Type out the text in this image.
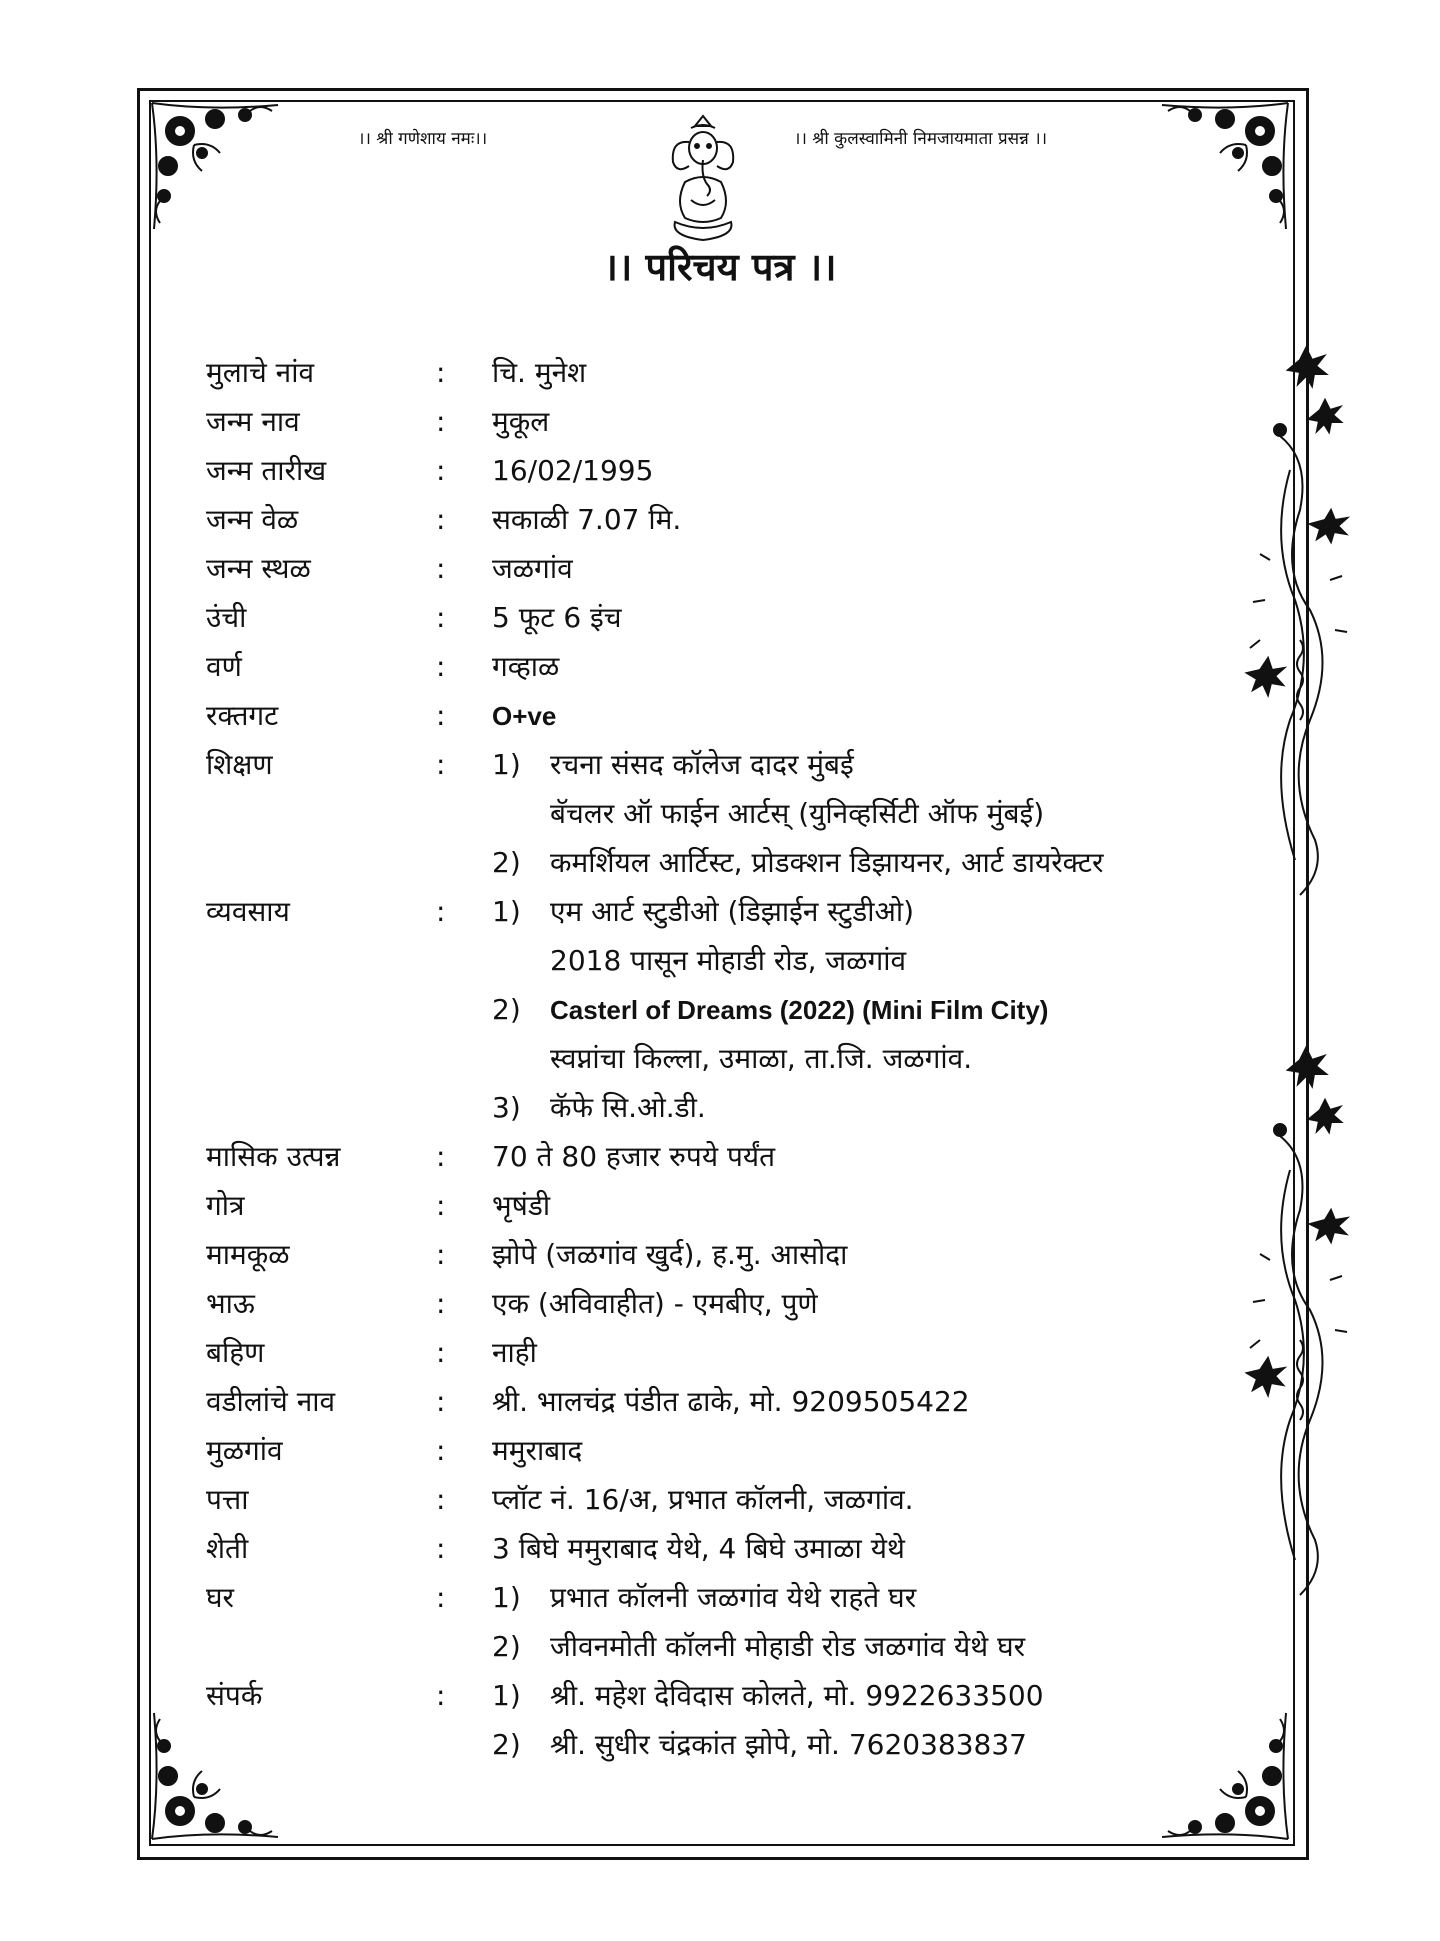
।। श्री गणेशाय नमः।।	।। श्री कुलस्वामिनी निमजायमाता प्रसन्न ।।
।। परिचय पत्र ।।
मुलाचे नांव	: चि. मुनेश
जन्म नाव	: मुकूल
जन्म तारीख	: 16/02/1995
जन्म वेळ	: सकाळी 7.07 मि.
जन्म स्थळ	: जळगांव
उंची	: 5 फूट 6 इंच
वर्ण	: गव्हाळ
रक्तगट	: O+ve
शिक्षण	: 1) रचना संसद कॉलेज दादर मुंबई
बॅचलर ऑ फाईन आर्टस् (युनिव्हर्सिटी ऑफ मुंबई)
2) कमर्शियल आर्टिस्ट, प्रोडक्शन डिझायनर, आर्ट डायरेक्टर
व्यवसाय	: 1) एम आर्ट स्टुडीओ (डिझाईन स्टुडीओ)
2018 पासून मोहाडी रोड, जळगांव
2) Casterl of Dreams (2022) (Mini Film City)
स्वप्नांचा किल्ला, उमाळा, ता.जि. जळगांव.
3) कॅफे सि.ओ.डी.
मासिक उत्पन्न	: 70 ते 80 हजार रुपये पर्यंत
गोत्र	: भृषंडी
मामकूळ	: झोपे (जळगांव खुर्द), ह.मु. आसोदा
भाऊ	: एक (अविवाहीत) - एमबीए, पुणे
बहिण	: नाही
वडीलांचे नाव	: श्री. भालचंद्र पंडीत ढाके, मो. 9209505422
मुळगांव	: ममुराबाद
पत्ता	: प्लॉट नं. 16/अ, प्रभात कॉलनी, जळगांव.
शेती	: 3 बिघे ममुराबाद येथे, 4 बिघे उमाळा येथे
घर	: 1) प्रभात कॉलनी जळगांव येथे राहते घर
2) जीवनमोती कॉलनी मोहाडी रोड जळगांव येथे घर
संपर्क	: 1) श्री. महेश देविदास कोलते, मो. 9922633500
2) श्री. सुधीर चंद्रकांत झोपे, मो. 7620383837
